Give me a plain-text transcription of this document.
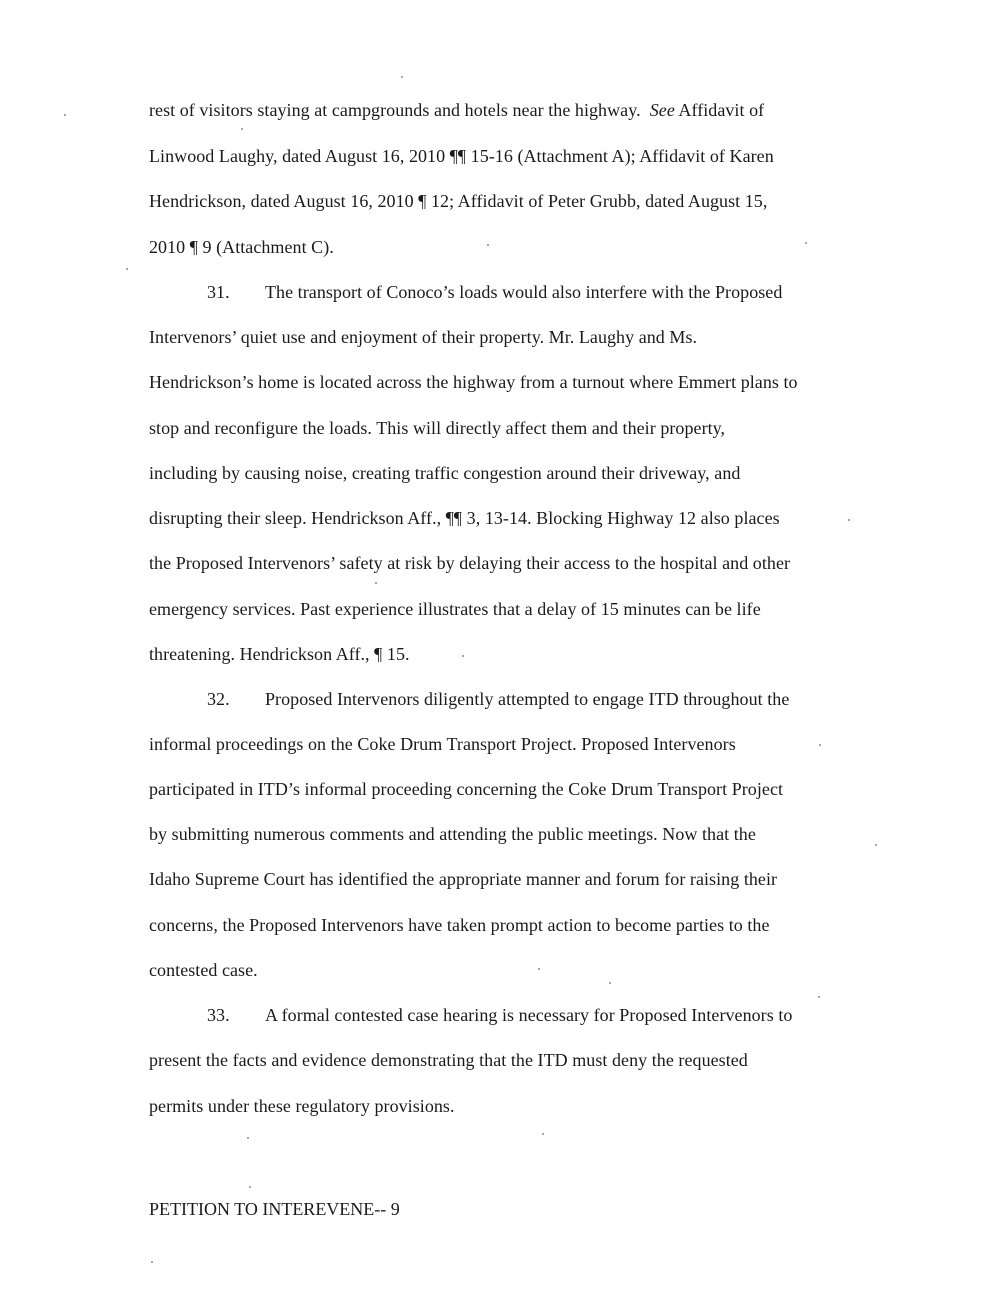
rest of visitors staying at campgrounds and hotels near the highway. See Affidavit of
Linwood Laughy, dated August 16, 2010 ¶¶ 15-16 (Attachment A); Affidavit of Karen
Hendrickson, dated August 16, 2010 ¶ 12; Affidavit of Peter Grubb, dated August 15,
2010 ¶ 9 (Attachment C).
31. The transport of Conoco’s loads would also interfere with the Proposed
Intervenors’ quiet use and enjoyment of their property. Mr. Laughy and Ms.
Hendrickson’s home is located across the highway from a turnout where Emmert plans to
stop and reconfigure the loads. This will directly affect them and their property,
including by causing noise, creating traffic congestion around their driveway, and
disrupting their sleep. Hendrickson Aff., ¶¶ 3, 13-14. Blocking Highway 12 also places
the Proposed Intervenors’ safety at risk by delaying their access to the hospital and other
emergency services. Past experience illustrates that a delay of 15 minutes can be life
threatening. Hendrickson Aff., ¶ 15.
32. Proposed Intervenors diligently attempted to engage ITD throughout the
informal proceedings on the Coke Drum Transport Project. Proposed Intervenors
participated in ITD’s informal proceeding concerning the Coke Drum Transport Project
by submitting numerous comments and attending the public meetings. Now that the
Idaho Supreme Court has identified the appropriate manner and forum for raising their
concerns, the Proposed Intervenors have taken prompt action to become parties to the
contested case.
33. A formal contested case hearing is necessary for Proposed Intervenors to
present the facts and evidence demonstrating that the ITD must deny the requested
permits under these regulatory provisions.
PETITION TO INTEREVENE-- 9
